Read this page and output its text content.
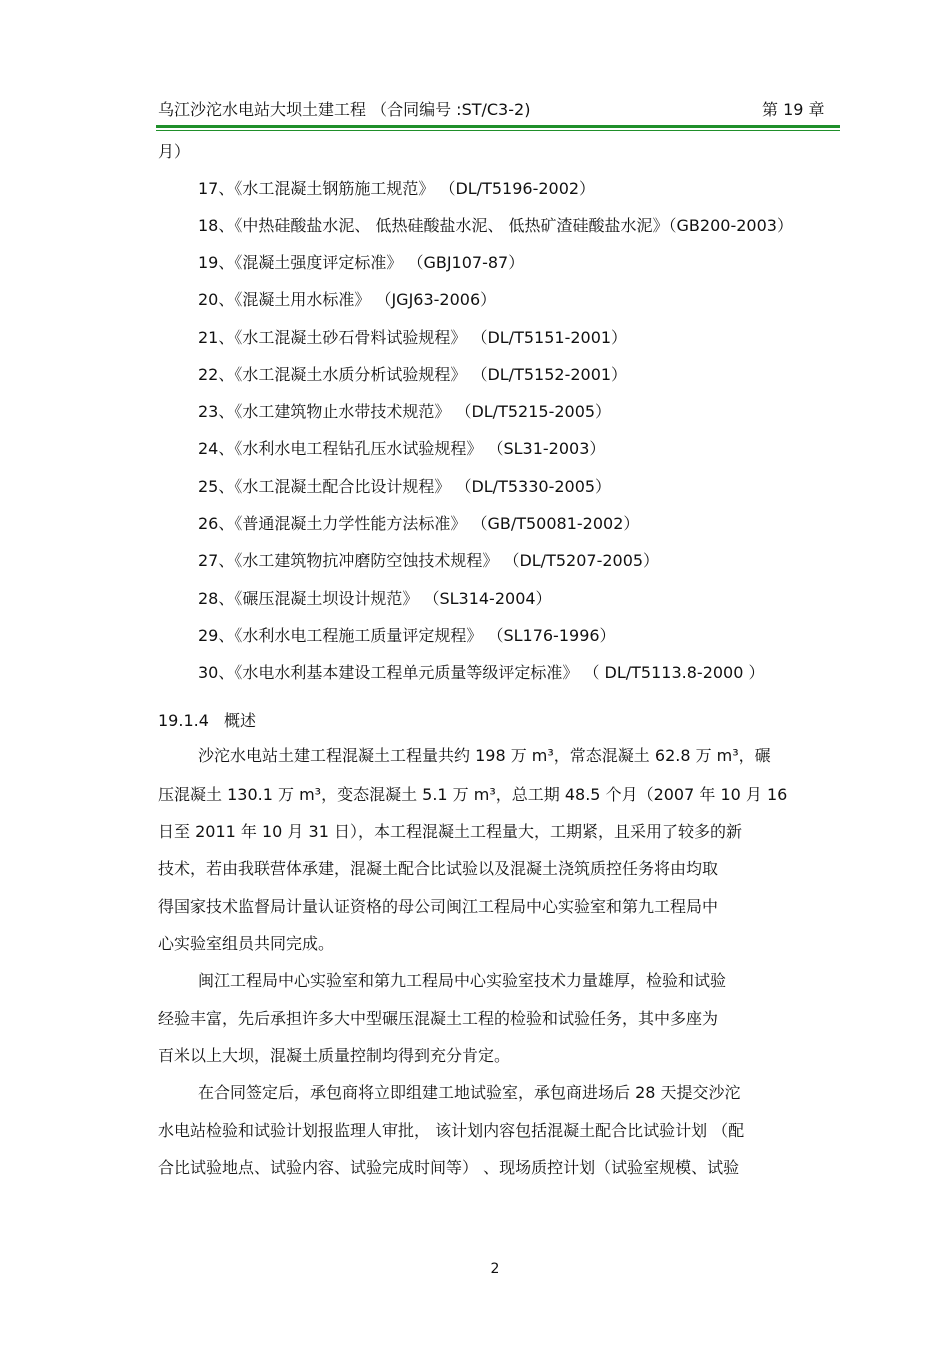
乌江沙沱水电站大坝土建工程 （合同编号 :ST/C3-2)	第 19 章
月）
17、《水工混凝土钢筋施工规范》 （DL/T5196-2002）
18、《中热硅酸盐水泥、 低热硅酸盐水泥、 低热矿渣硅酸盐水泥》（GB200-2003）
19、《混凝土强度评定标准》 （GBJ107-87）
20、《混凝土用水标准》 （JGJ63-2006）
21、《水工混凝土砂石骨料试验规程》 （DL/T5151-2001）
22、《水工混凝土水质分析试验规程》 （DL/T5152-2001）
23、《水工建筑物止水带技术规范》 （DL/T5215-2005）
24、《水利水电工程钻孔压水试验规程》 （SL31-2003）
25、《水工混凝土配合比设计规程》 （DL/T5330-2005）
26、《普通混凝土力学性能方法标准》 （GB/T50081-2002）
27、《水工建筑物抗冲磨防空蚀技术规程》 （DL/T5207-2005）
28、《碾压混凝土坝设计规范》 （SL314-2004）
29、《水利水电工程施工质量评定规程》 （SL176-1996）
30、《水电水利基本建设工程单元质量等级评定标准》 （ DL/T5113.8-2000 ）
19.1.4 概述
沙沱水电站土建工程混凝土工程量共约 198 万 m³，常态混凝土 62.8 万 m³，碾
压混凝土 130.1 万 m³，变态混凝土 5.1 万 m³，总工期 48.5 个月（2007 年 10 月 16
日至 2011 年 10 月 31 日），本工程混凝土工程量大，工期紧，且采用了较多的新
技术，若由我联营体承建，混凝土配合比试验以及混凝土浇筑质控任务将由均取
得国家技术监督局计量认证资格的母公司闽江工程局中心实验室和第九工程局中
心实验室组员共同完成。
闽江工程局中心实验室和第九工程局中心实验室技术力量雄厚，检验和试验
经验丰富，先后承担许多大中型碾压混凝土工程的检验和试验任务，其中多座为
百米以上大坝，混凝土质量控制均得到充分肯定。
在合同签定后，承包商将立即组建工地试验室，承包商进场后 28 天提交沙沱
水电站检验和试验计划报监理人审批， 该计划内容包括混凝土配合比试验计划 （配
合比试验地点、试验内容、试验完成时间等） 、现场质控计划（试验室规模、试验
2
